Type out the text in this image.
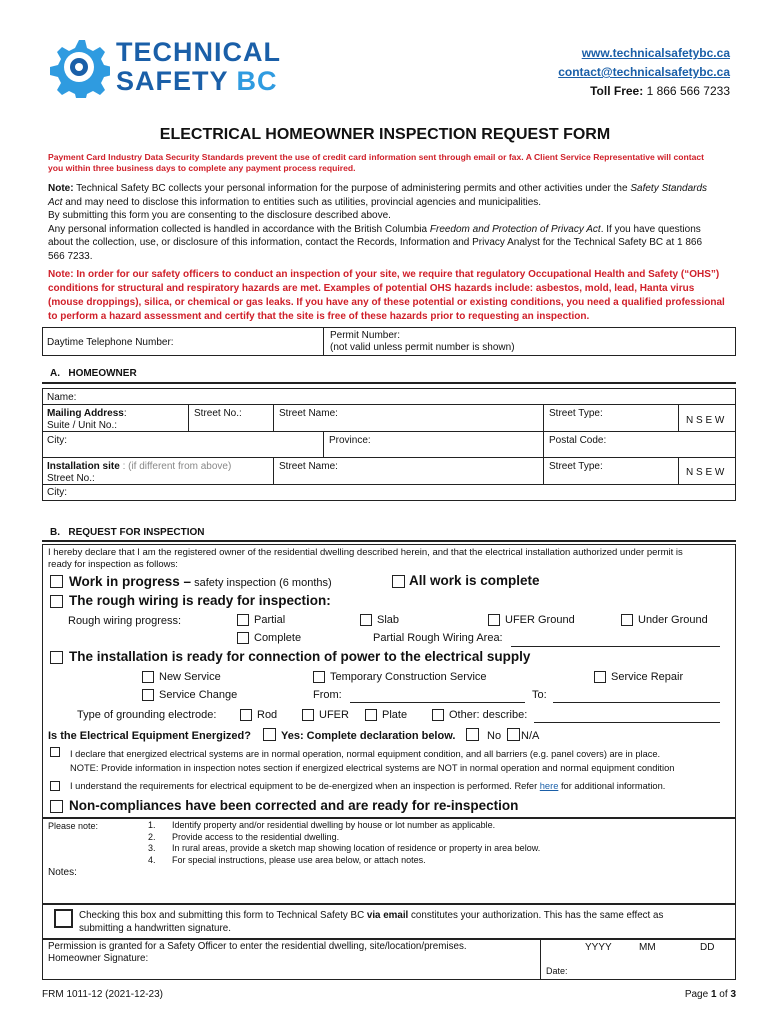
TECHNICAL
SAFETY BC
www.technicalsafetybc.ca
contact@technicalsafetybc.ca
Toll Free: 1 866 566 7233
ELECTRICAL HOMEOWNER INSPECTION REQUEST FORM
Payment Card Industry Data Security Standards prevent the use of credit card information sent through email or fax. A Client Service Representative will contact
you within three business days to complete any payment process required.
Note: Technical Safety BC collects your personal information for the purpose of administering permits and other activities under the Safety Standards
Act and may need to disclose this information to entities such as utilities, provincial agencies and municipalities.
By submitting this form you are consenting to the disclosure described above.
Any personal information collected is handled in accordance with the British Columbia Freedom and Protection of Privacy Act. If you have questions
about the collection, use, or disclosure of this information, contact the Records, Information and Privacy Analyst for the Technical Safety BC at 1 866
566 7233.
Note: In order for our safety officers to conduct an inspection of your site, we require that regulatory Occupational Health and Safety (“OHS”)
conditions for structural and respiratory hazards are met. Examples of potential OHS hazards include: asbestos, mold, lead, Hanta virus
(mouse droppings), silica, or chemical or gas leaks. If you have any of these potential or existing conditions, you need a qualified professional
to perform a hazard assessment and certify that the site is free of these hazards prior to requesting an inspection.
Daytime Telephone Number:
Permit Number:
(not valid unless permit number is shown)
A. HOMEOWNER
Name:
Mailing Address:
Suite / Unit No.:
Street No.:	Street Name:	Street Type:
N S E W
City:	Province:	Postal Code:
Installation site : (if different from above)
Street No.:
Street Name:	Street Type:
N S E W
City:
B. REQUEST FOR INSPECTION
I hereby declare that I am the registered owner of the residential dwelling described herein, and that the electrical installation authorized under permit is
ready for inspection as follows:
Work in progress – safety inspection (6 months)	All work is complete
The rough wiring is ready for inspection:
Rough wiring progress:	Partial	Slab	UFER Ground	Under Ground
Complete	Partial Rough Wiring Area:
The installation is ready for connection of power to the electrical supply
New Service	Temporary Construction Service	Service Repair
Service Change	From:	To:
Type of grounding electrode:	Rod	UFER	Plate	Other: describe:
Is the Electrical Equipment Energized?	Yes: Complete declaration below.	No N/A
I declare that energized electrical systems are in normal operation, normal equipment condition, and all barriers (e.g. panel covers) are in place.
NOTE: Provide information in inspection notes section if energized electrical systems are NOT in normal operation and normal equipment condition
I understand the requirements for electrical equipment to be de-energized when an inspection is performed. Refer here for additional information.
Non-compliances have been corrected and are ready for re-inspection
Please note:	1. Identify property and/or residential dwelling by house or lot number as applicable.
2. Provide access to the residential dwelling.
3. In rural areas, provide a sketch map showing location of residence or property in area below.
4. For special instructions, please use area below, or attach notes.
Notes:
Checking this box and submitting this form to Technical Safety BC via email constitutes your authorization. This has the same effect as
submitting a handwritten signature.
Permission is granted for a Safety Officer to enter the residential dwelling, site/location/premises.
Homeowner Signature:
YYYY	MM	DD
Date:
FRM 1011-12 (2021-12-23)	Page 1 of 3
